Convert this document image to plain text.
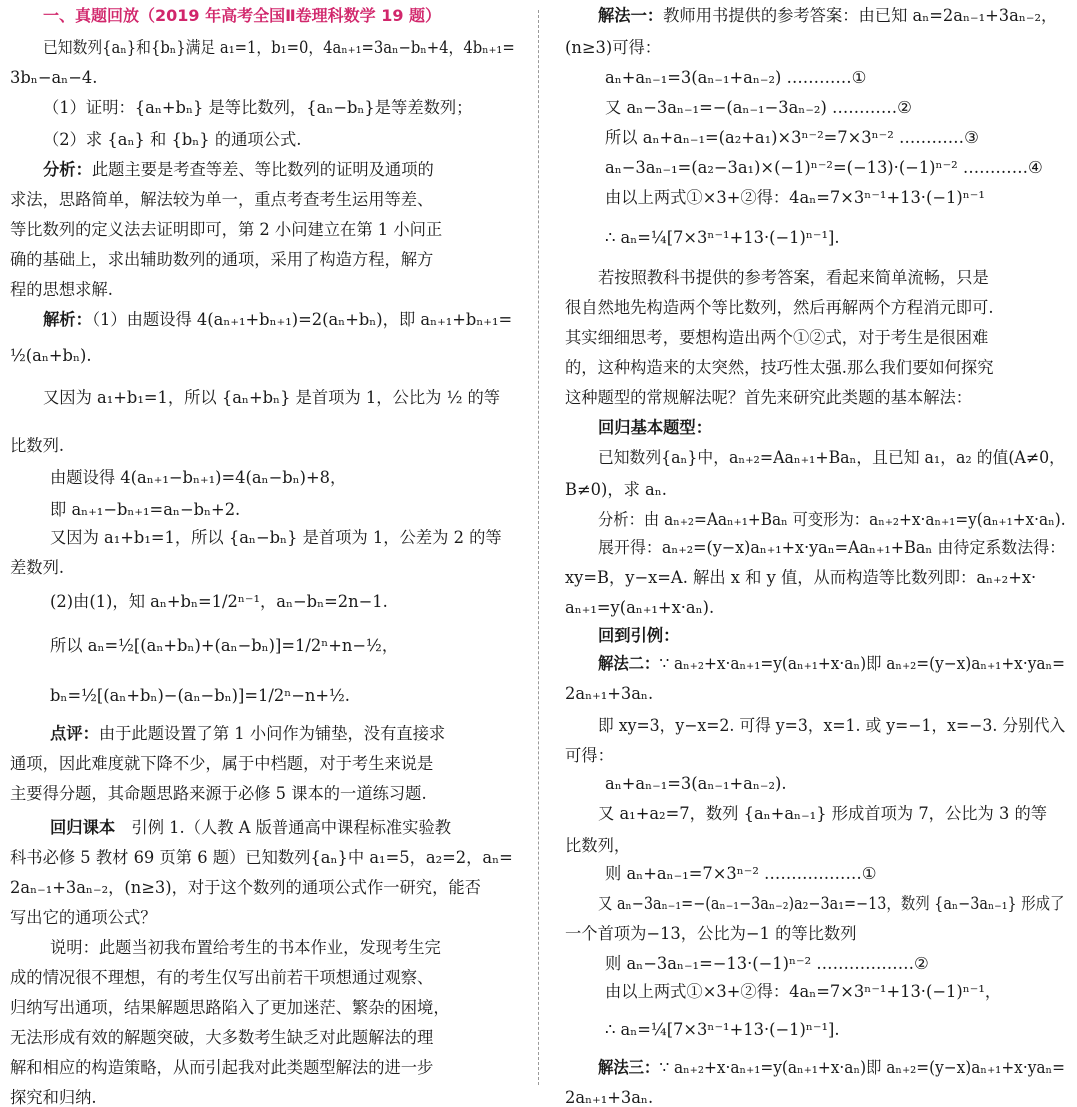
一、真题回放（2019 年高考全国Ⅱ卷理科数学 19 题）
已知数列{aₙ}和{bₙ}满足 a₁=1，b₁=0，4aₙ₊₁=3aₙ−bₙ+4，4bₙ₊₁=
3bₙ−aₙ−4.
（1）证明：{aₙ+bₙ} 是等比数列，{aₙ−bₙ}是等差数列；
（2）求 {aₙ} 和 {bₙ} 的通项公式.
分析：此题主要是考查等差、等比数列的证明及通项的
求法，思路简单，解法较为单一，重点考查考生运用等差、
等比数列的定义法去证明即可，第 2 小问建立在第 1 小问正
确的基础上，求出辅助数列的通项，采用了构造方程，解方
程的思想求解.
解析：（1）由题设得 4(aₙ₊₁+bₙ₊₁)=2(aₙ+bₙ)，即 aₙ₊₁+bₙ₊₁=
½(aₙ+bₙ).
又因为 a₁+b₁=1，所以 {aₙ+bₙ} 是首项为 1，公比为 ½ 的等
比数列.
由题设得 4(aₙ₊₁−bₙ₊₁)=4(aₙ−bₙ)+8，
即 aₙ₊₁−bₙ₊₁=aₙ−bₙ+2.
又因为 a₁+b₁=1，所以 {aₙ−bₙ} 是首项为 1，公差为 2 的等
差数列.
(2)由(1)，知 aₙ+bₙ=1/2ⁿ⁻¹，aₙ−bₙ=2n−1.
所以 aₙ=½[(aₙ+bₙ)+(aₙ−bₙ)]=1/2ⁿ+n−½，
bₙ=½[(aₙ+bₙ)−(aₙ−bₙ)]=1/2ⁿ−n+½.
点评：由于此题设置了第 1 小问作为铺垫，没有直接求
通项，因此难度就下降不少，属于中档题，对于考生来说是
主要得分题，其命题思路来源于必修 5 课本的一道练习题.
回归课本　引例 1.（人教 A 版普通高中课程标准实验教
科书必修 5 教材 69 页第 6 题）已知数列{aₙ}中 a₁=5，a₂=2，aₙ=
2aₙ₋₁+3aₙ₋₂，(n≥3)，对于这个数列的通项公式作一研究，能否
写出它的通项公式？
说明：此题当初我布置给考生的书本作业，发现考生完
成的情况很不理想，有的考生仅写出前若干项想通过观察、
归纳写出通项，结果解题思路陷入了更加迷茫、繁杂的困境，
无法形成有效的解题突破，大多数考生缺乏对此题解法的理
解和相应的构造策略，从而引起我对此类题型解法的进一步
探究和归纳.
解法一：教师用书提供的参考答案：由已知 aₙ=2aₙ₋₁+3aₙ₋₂，
(n≥3)可得：
aₙ+aₙ₋₁=3(aₙ₋₁+aₙ₋₂) …………①
又 aₙ−3aₙ₋₁=−(aₙ₋₁−3aₙ₋₂) …………②
所以 aₙ+aₙ₋₁=(a₂+a₁)×3ⁿ⁻²=7×3ⁿ⁻² …………③
aₙ−3aₙ₋₁=(a₂−3a₁)×(−1)ⁿ⁻²=(−13)·(−1)ⁿ⁻² …………④
由以上两式①×3+②得：4aₙ=7×3ⁿ⁻¹+13·(−1)ⁿ⁻¹
∴ aₙ=¼[7×3ⁿ⁻¹+13·(−1)ⁿ⁻¹].
若按照教科书提供的参考答案，看起来简单流畅，只是
很自然地先构造两个等比数列，然后再解两个方程消元即可.
其实细细思考，要想构造出两个①②式，对于考生是很困难
的，这种构造来的太突然，技巧性太强.那么我们要如何探究
这种题型的常规解法呢？首先来研究此类题的基本解法：
回归基本题型：
已知数列{aₙ}中，aₙ₊₂=Aaₙ₊₁+Baₙ，且已知 a₁，a₂ 的值(A≠0，
B≠0)，求 aₙ.
分析：由 aₙ₊₂=Aaₙ₊₁+Baₙ 可变形为：aₙ₊₂+x·aₙ₊₁=y(aₙ₊₁+x·aₙ).
展开得：aₙ₊₂=(y−x)aₙ₊₁+x·yaₙ=Aaₙ₊₁+Baₙ 由待定系数法得：
xy=B，y−x=A. 解出 x 和 y 值，从而构造等比数列即：aₙ₊₂+x·
aₙ₊₁=y(aₙ₊₁+x·aₙ).
回到引例：
解法二：∵ aₙ₊₂+x·aₙ₊₁=y(aₙ₊₁+x·aₙ)即 aₙ₊₂=(y−x)aₙ₊₁+x·yaₙ=
2aₙ₊₁+3aₙ.
即 xy=3，y−x=2. 可得 y=3，x=1. 或 y=−1，x=−3. 分别代入
可得：
aₙ+aₙ₋₁=3(aₙ₋₁+aₙ₋₂).
又 a₁+a₂=7，数列 {aₙ+aₙ₋₁} 形成首项为 7，公比为 3 的等
比数列，
则 aₙ+aₙ₋₁=7×3ⁿ⁻² ………………①
又 aₙ−3aₙ₋₁=−(aₙ₋₁−3aₙ₋₂)a₂−3a₁=−13，数列 {aₙ−3aₙ₋₁} 形成了
一个首项为−13，公比为−1 的等比数列
则 aₙ−3aₙ₋₁=−13·(−1)ⁿ⁻² ………………②
由以上两式①×3+②得：4aₙ=7×3ⁿ⁻¹+13·(−1)ⁿ⁻¹，
∴ aₙ=¼[7×3ⁿ⁻¹+13·(−1)ⁿ⁻¹].
解法三：∵ aₙ₊₂+x·aₙ₊₁=y(aₙ₊₁+x·aₙ)即 aₙ₊₂=(y−x)aₙ₊₁+x·yaₙ=
2aₙ₊₁+3aₙ.
